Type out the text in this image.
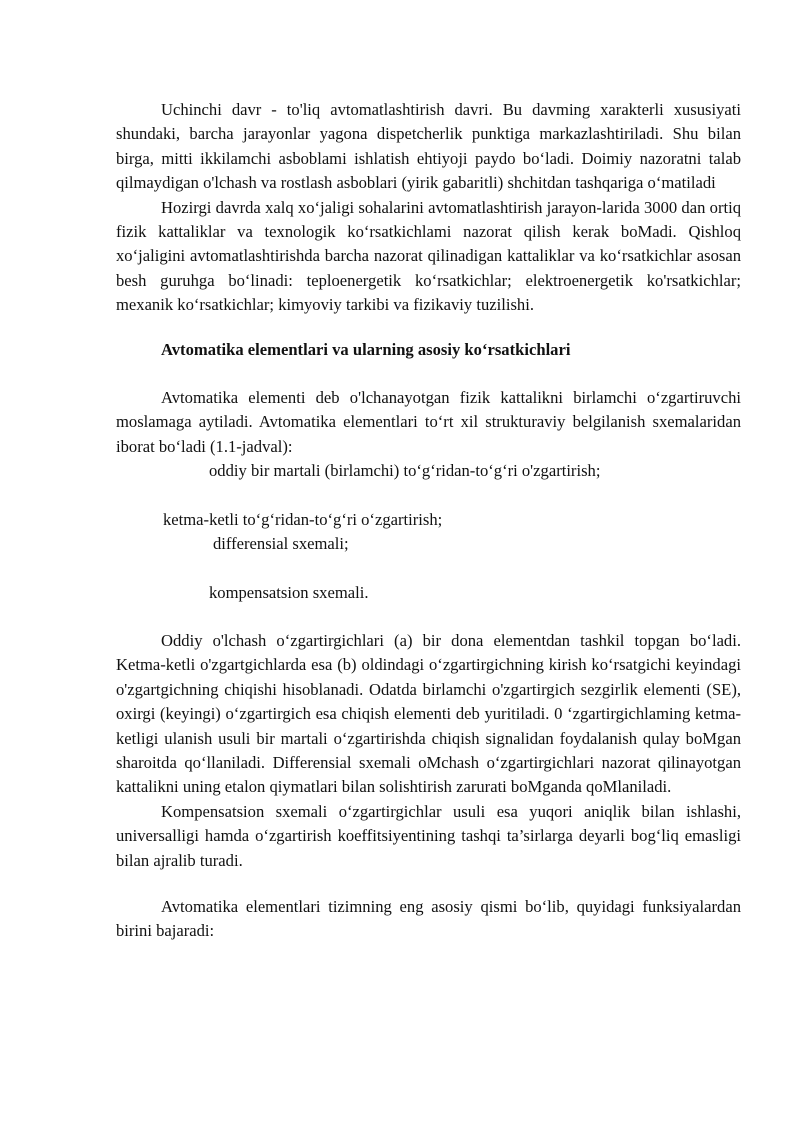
Uchinchi davr - to'liq avtomatlashtirish davri. Bu davming xarakterli xususiyati shundaki, barcha jarayonlar yagona dispetcherlik punktiga markazlashtiriladi. Shu bilan birga, mitti ikkilamchi asboblami ishlatish ehtiyoji paydo bo‘ladi. Doimiy nazoratni talab qilmaydigan o'lchash va rostlash asboblari (yirik gabaritli) shchitdan tashqariga o‘matiladi

Hozirgi davrda xalq xo‘jaligi sohalarini avtomatlashtirish jarayon-larida 3000 dan ortiq fizik kattaliklar va texnologik ko‘rsatkichlami nazorat qilish kerak boMadi. Qishloq xo‘jaligini avtomatlashtirishda barcha nazorat qilinadigan kattaliklar va ko‘rsatkichlar asosan besh guruhga bo‘linadi: teploenergetik ko‘rsatkichlar; elektroenergetik ko'rsatkichlar; mexanik ko‘rsatkichlar; kimyoviy tarkibi va fizikaviy tuzilishi.

Avtomatika elementlari va ularning asosiy ko‘rsatkichlari

Avtomatika elementi deb o'lchanayotgan fizik kattalikni birlamchi o‘zgartiruvchi moslamaga aytiladi. Avtomatika elementlari to‘rt xil strukturaviy belgilanish sxemalaridan iborat bo‘ladi (1.1-jadval):

oddiy bir martali (birlamchi) to‘g‘ridan-to‘g‘ri o'zgartirish;

ketma-ketli to‘g‘ridan-to‘g‘ri o‘zgartirish;

differensial sxemali;

kompensatsion sxemali.

Oddiy o'lchash o‘zgartirgichlari (a) bir dona elementdan tashkil topgan bo‘ladi. Ketma-ketli o'zgartgichlarda esa (b) oldindagi o‘zgartirgichning kirish ko‘rsatgichi keyindagi o'zgartgichning chiqishi hisoblanadi. Odatda birlamchi o'zgartirgich sezgirlik elementi (SE), oxirgi (keyingi) o‘zgartirgich esa chiqish elementi deb yuritiladi. 0 ‘zgartirgichlaming ketma-ketligi ulanish usuli bir martali o‘zgartirishda chiqish signalidan foydalanish qulay boMgan sharoitda qo‘llaniladi. Differensial sxemali oMchash o‘zgartirgichlari nazorat qilinayotgan kattalikni uning etalon qiymatlari bilan solishtirish zarurati boMganda qoMlaniladi.

Kompensatsion sxemali o‘zgartirgichlar usuli esa yuqori aniqlik bilan ishlashi, universalligi hamda o‘zgartirish koeffitsiyentining tashqi ta’sirlarga deyarli bog‘liq emasligi bilan ajralib turadi.

Avtomatika elementlari tizimning eng asosiy qismi bo‘lib, quyidagi funksiyalardan birini bajaradi:
